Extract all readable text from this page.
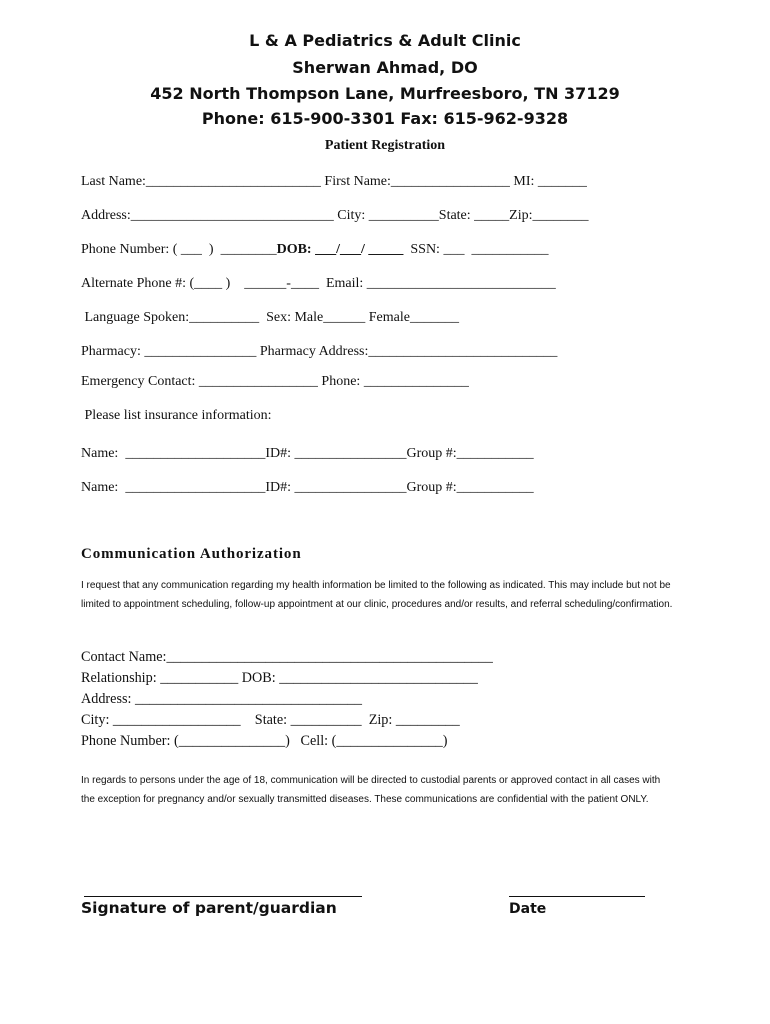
L & A Pediatrics & Adult Clinic
Sherwan Ahmad, DO
452 North Thompson Lane, Murfreesboro, TN 37129
Phone: 615-900-3301 Fax: 615-962-9328
Patient Registration
Last Name:_________________________ First Name:_________________ MI: _______
Address:_____________________________ City: __________State: _____Zip:________
Phone Number: ( ___  )  ________DOB: ___/___/ _____  SSN: ___  ___________
Alternate Phone #: (____ )    ______-____  Email: ___________________________
Language Spoken:__________  Sex: Male______ Female_______
Pharmacy: ________________ Pharmacy Address:___________________________
Emergency Contact: _________________ Phone: _______________
Please list insurance information:
Name:  ____________________ID#: ________________Group #:___________
Name:  ____________________ID#: ________________Group #:___________
Communication Authorization
I request that any communication regarding my health information be limited to the following as indicated. This may include but not be limited to appointment scheduling, follow-up appointment at our clinic, procedures and/or results, and referral scheduling/confirmation.
Contact Name:______________________________________________
Relationship: ___________ DOB: ____________________________
Address: ________________________________
City: __________________    State: __________  Zip: _________
Phone Number: (_______________)   Cell: (_______________)
In regards to persons under the age of 18, communication will be directed to custodial parents or approved contact in all cases with the exception for pregnancy and/or sexually transmitted diseases. These communications are confidential with the patient ONLY.
Signature of parent/guardian	Date
